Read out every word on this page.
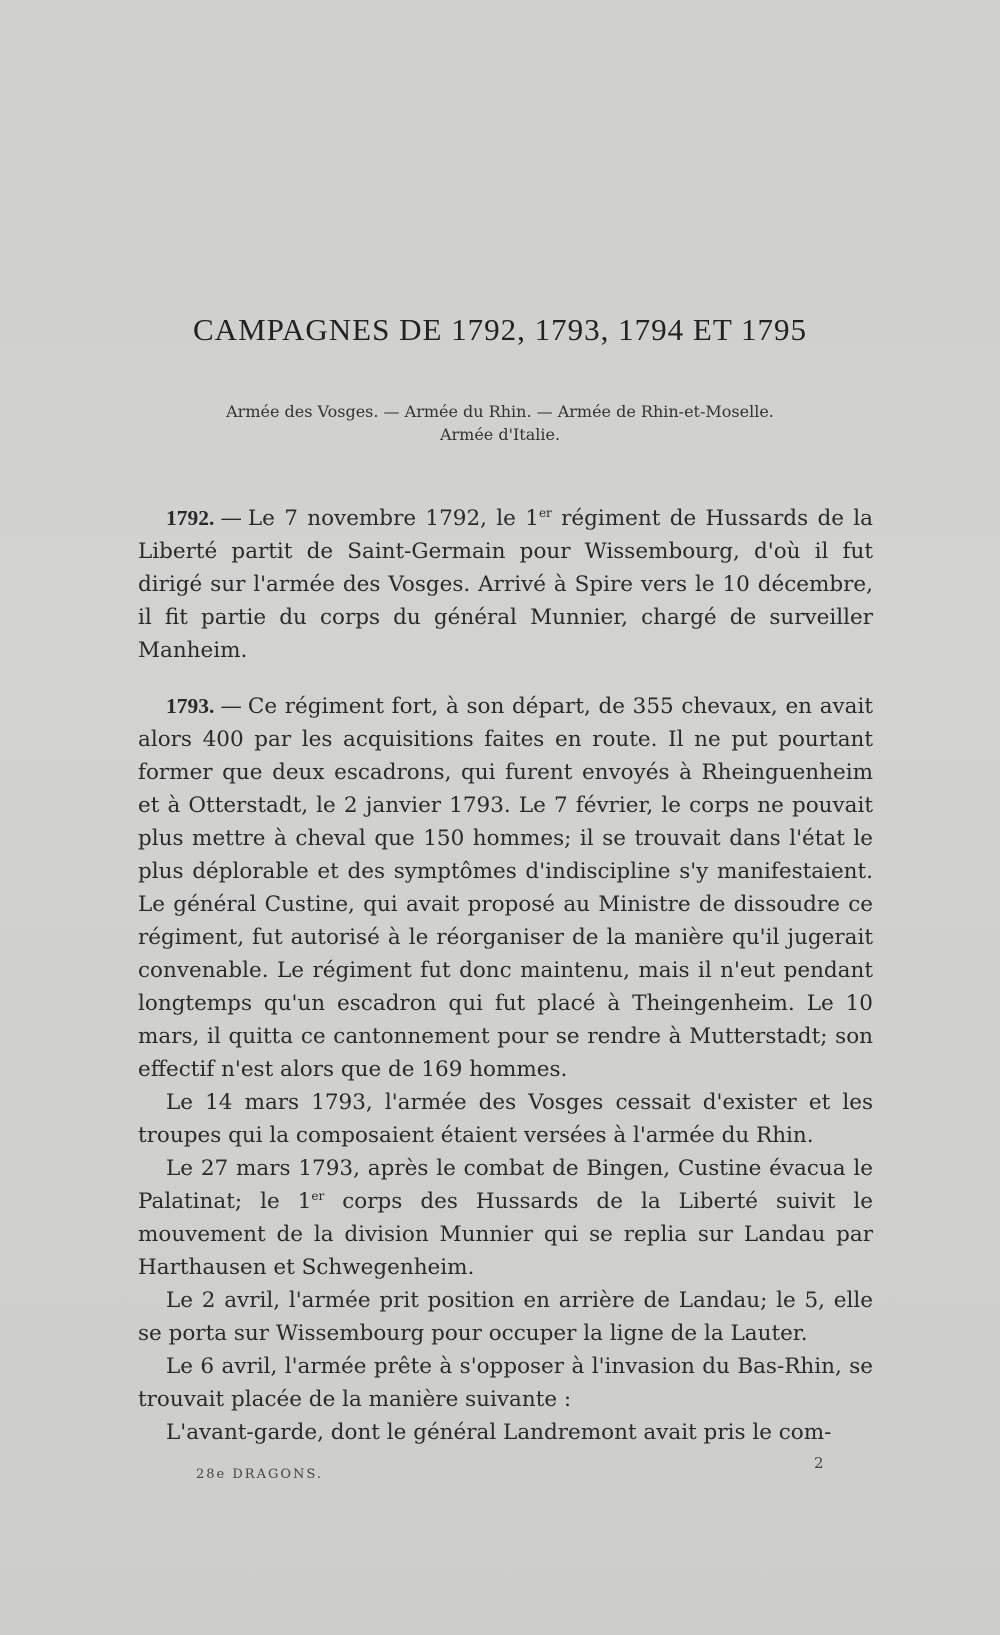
CAMPAGNES DE 1792, 1793, 1794 ET 1795
Armée des Vosges. — Armée du Rhin. — Armée de Rhin-et-Moselle.
Armée d'Italie.

1792. — Le 7 novembre 1792, le 1er régiment de Hussards de la Liberté partit de Saint-Germain pour Wissembourg, d'où il fut dirigé sur l'armée des Vosges. Arrivé à Spire vers le 10 décembre, il fit partie du corps du général Munnier, chargé de surveiller Manheim.

1793. — Ce régiment fort, à son départ, de 355 chevaux, en avait alors 400 par les acquisitions faites en route. Il ne put pourtant former que deux escadrons, qui furent envoyés à Rheinguenheim et à Otterstadt, le 2 janvier 1793. Le 7 février, le corps ne pouvait plus mettre à cheval que 150 hommes; il se trouvait dans l'état le plus déplorable et des symptômes d'indiscipline s'y manifestaient. Le général Custine, qui avait proposé au Ministre de dissoudre ce régiment, fut autorisé à le réorganiser de la manière qu'il jugerait convenable. Le régiment fut donc maintenu, mais il n'eut pendant longtemps qu'un escadron qui fut placé à Theingenheim. Le 10 mars, il quitta ce cantonnement pour se rendre à Mutterstadt; son effectif n'est alors que de 169 hommes.

Le 14 mars 1793, l'armée des Vosges cessait d'exister et les troupes qui la composaient étaient versées à l'armée du Rhin.

Le 27 mars 1793, après le combat de Bingen, Custine évacua le Palatinat; le 1er corps des Hussards de la Liberté suivit le mouvement de la division Munnier qui se replia sur Landau par Harthausen et Schwegenheim.

Le 2 avril, l'armée prit position en arrière de Landau; le 5, elle se porta sur Wissembourg pour occuper la ligne de la Lauter.

Le 6 avril, l'armée prête à s'opposer à l'invasion du Bas-Rhin, se trouvait placée de la manière suivante :

L'avant-garde, dont le général Landremont avait pris le com-

28e DRAGONS.
2
